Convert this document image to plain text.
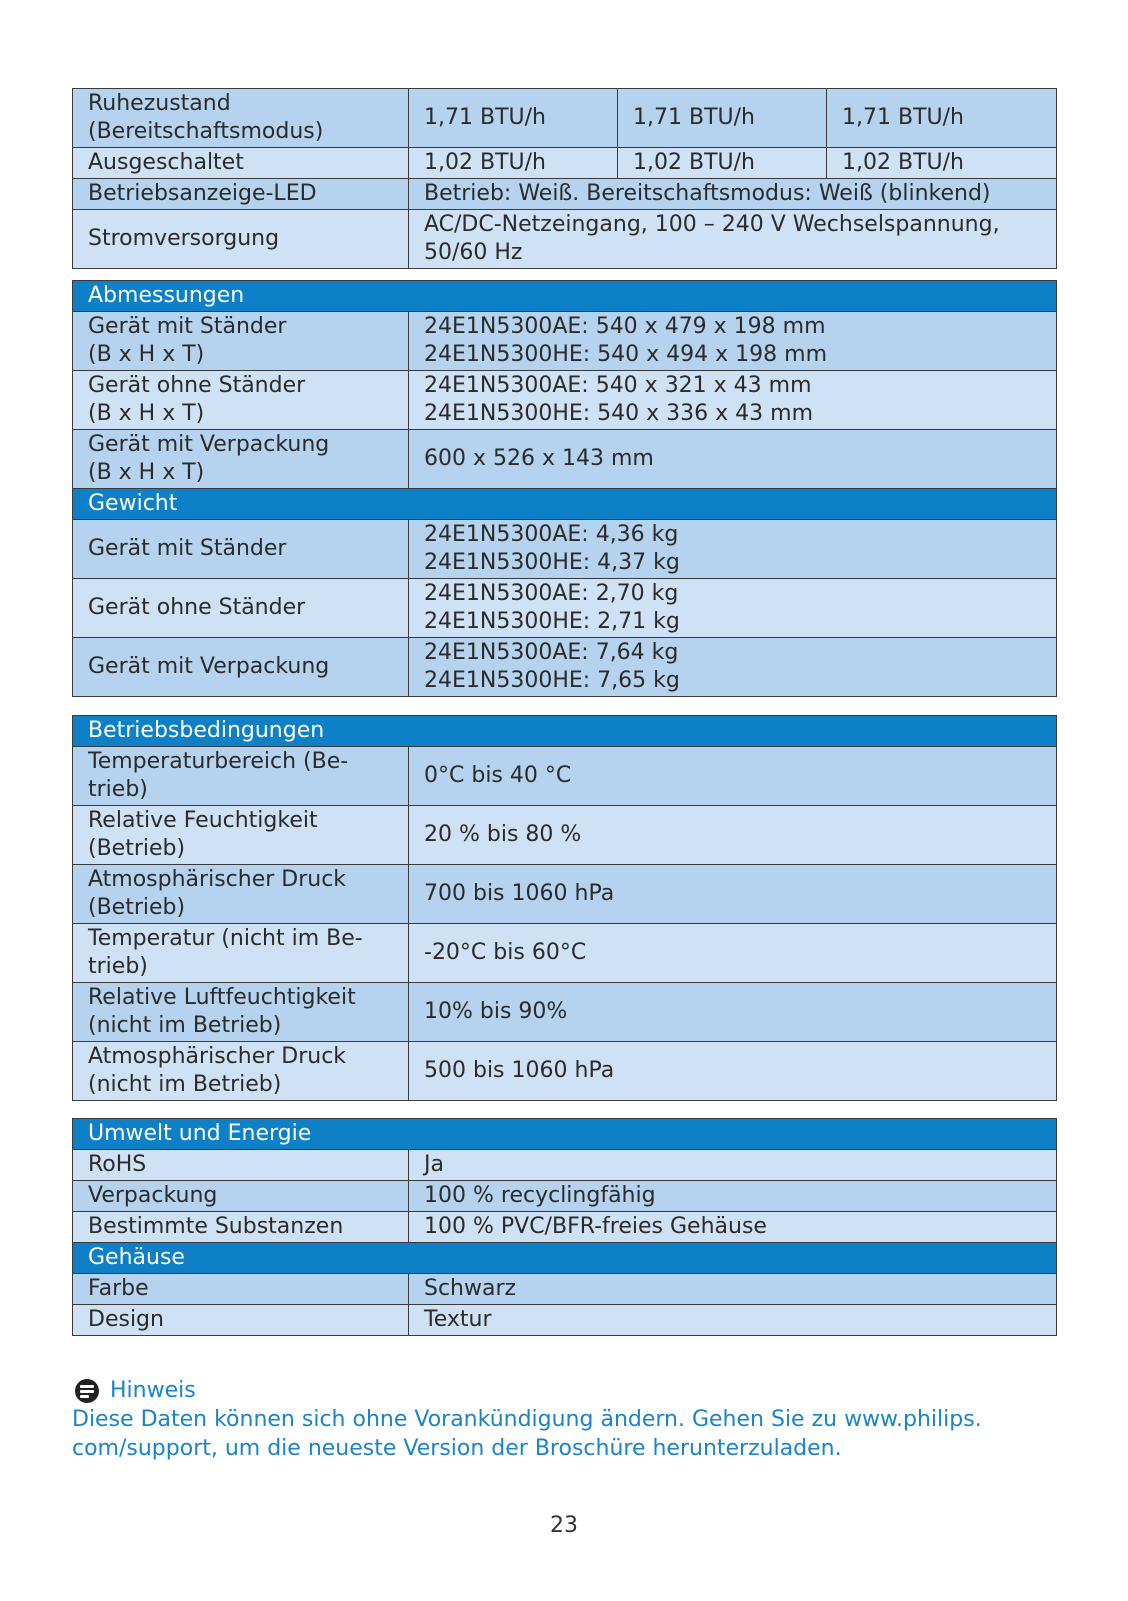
Ruhezustand
(Bereitschaftsmodus)	1,71 BTU/h	1,71 BTU/h	1,71 BTU/h
Ausgeschaltet	1,02 BTU/h	1,02 BTU/h	1,02 BTU/h
Betriebsanzeige-LED	Betrieb: Weiß. Bereitschaftsmodus: Weiß (blinkend)		
Stromversorgung	AC/DC-Netzeingang, 100 – 240 V Wechselspannung,
50/60 Hz		
Abmessungen	

Gerät mit Ständer
(B x H x T)	24E1N5300AE: 540 x 479 x 198 mm
24E1N5300HE: 540 x 494 x 198 mm

Gerät ohne Ständer
(B x H x T)	24E1N5300AE: 540 x 321 x 43 mm
24E1N5300HE: 540 x 336 x 43 mm

Gerät mit Verpackung
(B x H x T)	600 x 526 x 143 mm
Gewicht	
Gerät mit Ständer	24E1N5300AE: 4,36 kg
24E1N5300HE: 4,37 kg

Gerät ohne Ständer	24E1N5300AE: 2,70 kg
24E1N5300HE: 2,71 kg

Gerät mit Verpackung	24E1N5300AE: 7,64 kg
24E1N5300HE: 7,65 kg
Betriebsbedingungen	

Temperaturbereich (Be-
trieb)	0°C bis 40 °C

Relative Feuchtigkeit
(Betrieb)	20 % bis 80 %

Atmosphärischer Druck
(Betrieb)	700 bis 1060 hPa

Temperatur (nicht im Be-
trieb)	-20°C bis 60°C

Relative Luftfeuchtigkeit
(nicht im Betrieb)	10% bis 90%

Atmosphärischer Druck
(nicht im Betrieb)	500 bis 1060 hPa
Umwelt und Energie	
RoHS	Ja
Verpackung	100 % recyclingfähig
Bestimmte Substanzen	100 % PVC/BFR-freies Gehäuse
Gehäuse	
Farbe	Schwarz
Design	Textur
Hinweis
Diese Daten können sich ohne Vorankündigung ändern. Gehen Sie zu www.philips.
com/support, um die neueste Version der Broschüre herunterzuladen.
23
